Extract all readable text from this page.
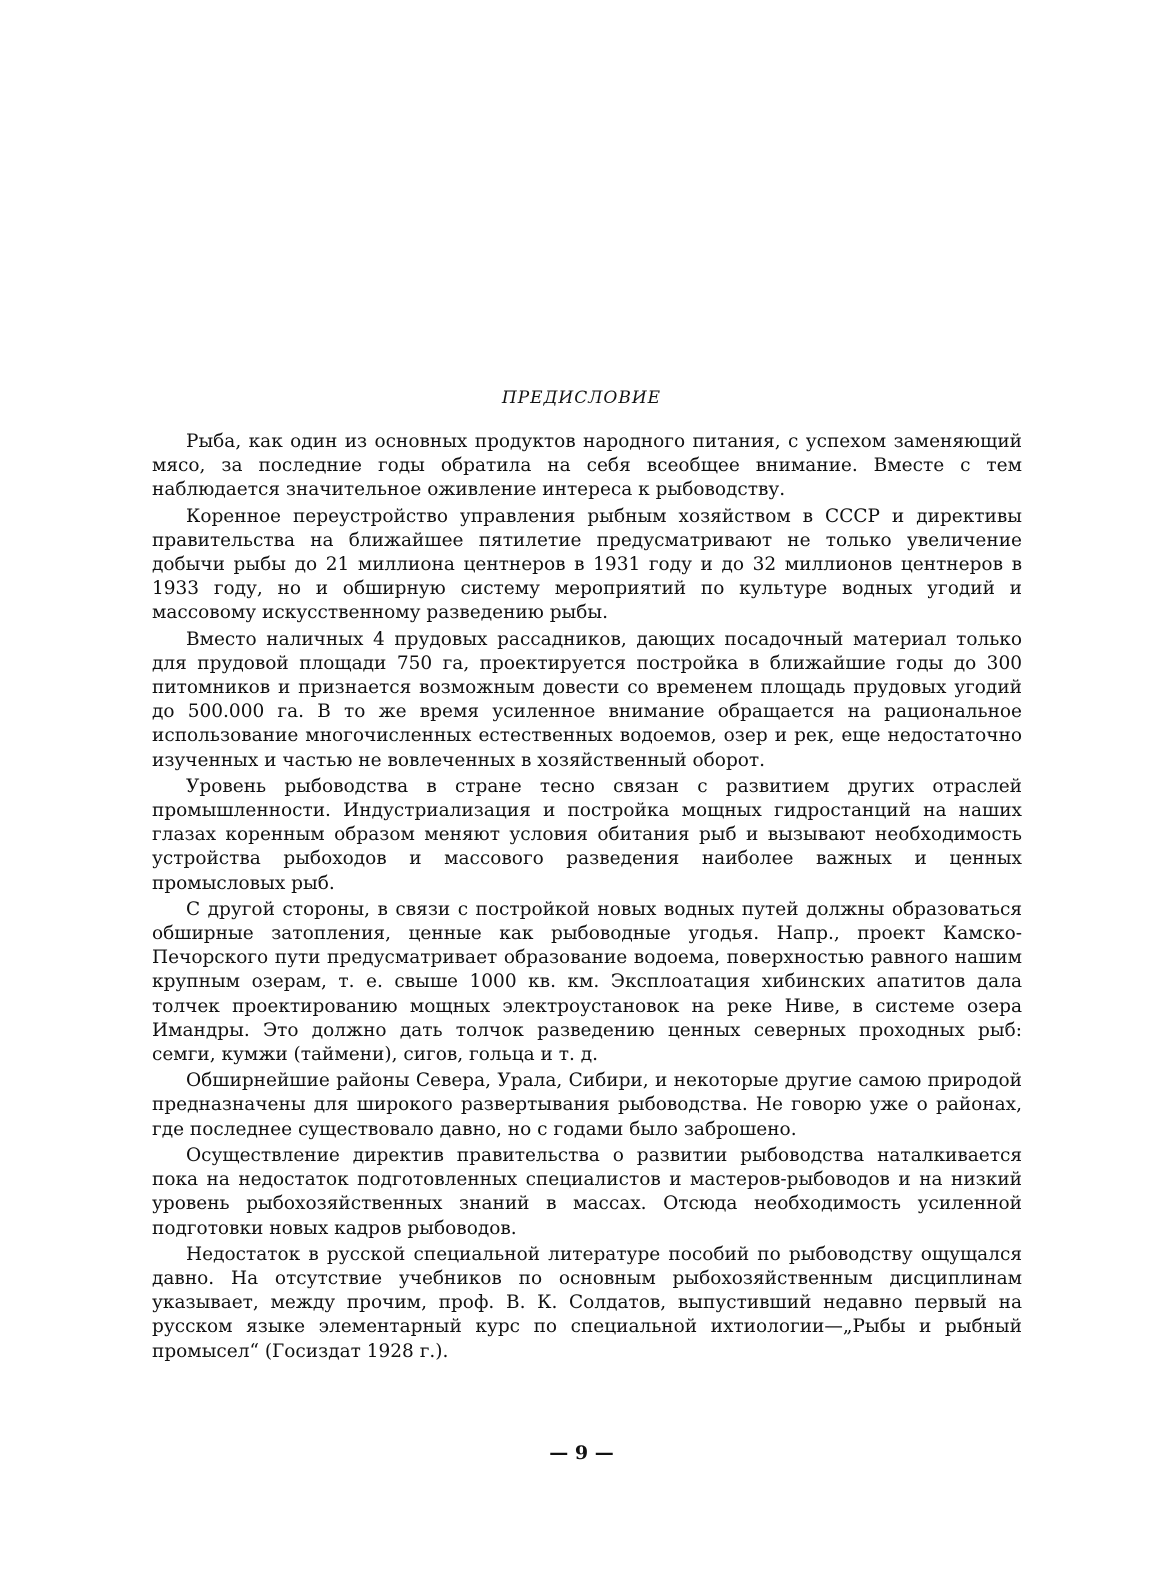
ПРЕДИСЛОВИЕ

Рыба, как один из основных продуктов народного питания, с успехом заменяющий мясо, за последние годы обратила на себя всеобщее внимание. Вместе с тем наблюдается значительное оживление интереса к рыбоводству.

Коренное переустройство управления рыбным хозяйством в СССР и директивы правительства на ближайшее пятилетие предусматривают не только увеличение добычи рыбы до 21 миллиона центнеров в 1931 году и до 32 миллионов центнеров в 1933 году, но и обширную систему мероприятий по культуре водных угодий и массовому искусственному разведению рыбы.

Вместо наличных 4 прудовых рассадников, дающих посадочный материал только для прудовой площади 750 га, проектируется постройка в ближайшие годы до 300 питомников и признается возможным довести со временем площадь прудовых угодий до 500.000 га. В то же время усиленное внимание обращается на рациональное использование многочисленных естественных водоемов, озер и рек, еще недостаточно изученных и частью не вовлеченных в хозяйственный оборот.

Уровень рыбоводства в стране тесно связан с развитием других отраслей промышленности. Индустриализация и постройка мощных гидростанций на наших глазах коренным образом меняют условия обитания рыб и вызывают необходимость устройства рыбоходов и массового разведения наиболее важных и ценных промысловых рыб.

С другой стороны, в связи с постройкой новых водных путей должны образоваться обширные затопления, ценные как рыбоводные угодья. Напр., проект Камско-Печорского пути предусматривает образование водоема, поверхностью равного нашим крупным озерам, т. е. свыше 1000 кв. км. Эксплоатация хибинских апатитов дала толчек проектированию мощных электроустановок на реке Ниве, в системе озера Имандры. Это должно дать толчок разведению ценных северных проходных рыб: семги, кумжи (таймени), сигов, гольца и т. д.

Обширнейшие районы Севера, Урала, Сибири, и некоторые другие самою природой предназначены для широкого развертывания рыбоводства. Не говорю уже о районах, где последнее существовало давно, но с годами было заброшено.

Осуществление директив правительства о развитии рыбоводства наталкивается пока на недостаток подготовленных специалистов и мастеров-рыбоводов и на низкий уровень рыбохозяйственных знаний в массах. Отсюда необходимость усиленной подготовки новых кадров рыбоводов.

Недостаток в русской специальной литературе пособий по рыбоводству ощущался давно. На отсутствие учебников по основным рыбохозяйственным дисциплинам указывает, между прочим, проф. В. К. Солдатов, выпустивший недавно первый на русском языке элементарный курс по специальной ихтиологии—„Рыбы и рыбный промысел“ (Госиздат 1928 г.).

— 9 —
